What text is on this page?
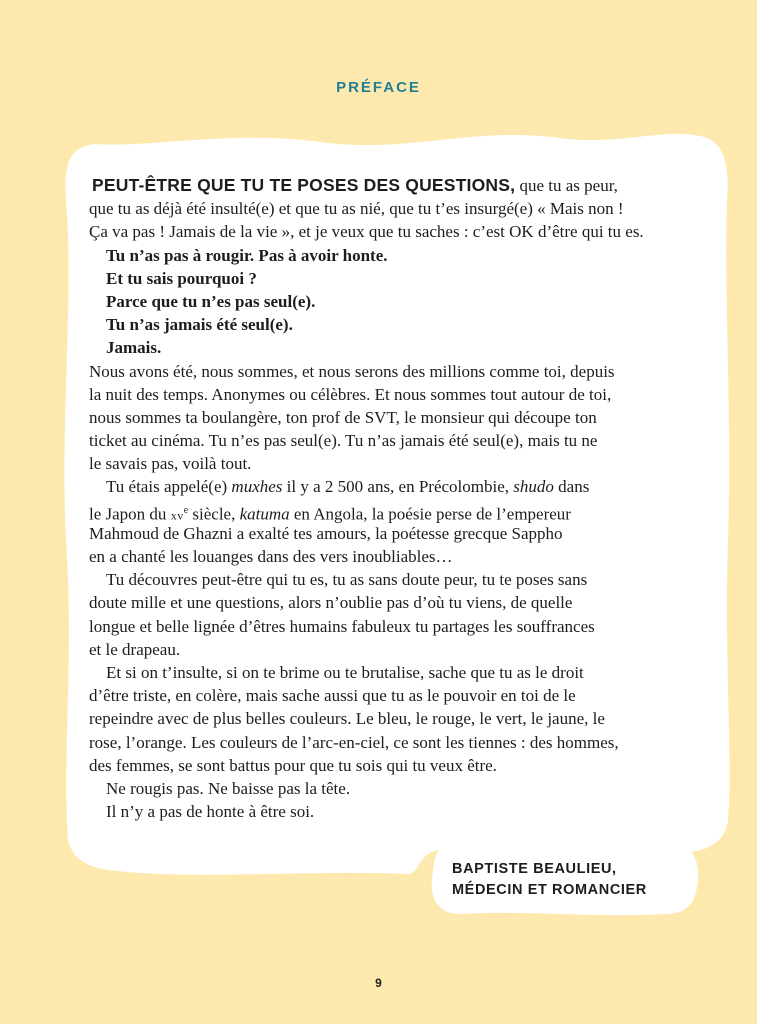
PRÉFACE
PEUT-ÊTRE QUE TU TE POSES DES QUESTIONS, que tu as peur,
que tu as déjà été insulté(e) et que tu as nié, que tu t’es insurgé(e) « Mais non !
Ça va pas ! Jamais de la vie », et je veux que tu saches : c’est OK d’être qui tu es.
Tu n’as pas à rougir. Pas à avoir honte.
Et tu sais pourquoi ?
Parce que tu n’es pas seul(e).
Tu n’as jamais été seul(e).
Jamais.
Nous avons été, nous sommes, et nous serons des millions comme toi, depuis
la nuit des temps. Anonymes ou célèbres. Et nous sommes tout autour de toi,
nous sommes ta boulangère, ton prof de SVT, le monsieur qui découpe ton
ticket au cinéma. Tu n’es pas seul(e). Tu n’as jamais été seul(e), mais tu ne
le savais pas, voilà tout.
Tu étais appelé(e) muxhes il y a 2 500 ans, en Précolombie, shudo dans
le Japon du $xv^e$ siècle, katuma en Angola, la poésie perse de l’empereur
Mahmoud de Ghazni a exalté tes amours, la poétesse grecque Sappho
en a chanté les louanges dans des vers inoubliables…
Tu découvres peut-être qui tu es, tu as sans doute peur, tu te poses sans
doute mille et une questions, alors n’oublie pas d’où tu viens, de quelle
longue et belle lignée d’êtres humains fabuleux tu partages les souffrances
et le drapeau.
Et si on t’insulte, si on te brime ou te brutalise, sache que tu as le droit
d’être triste, en colère, mais sache aussi que tu as le pouvoir en toi de le
repeindre avec de plus belles couleurs. Le bleu, le rouge, le vert, le jaune, le
rose, l’orange. Les couleurs de l’arc-en-ciel, ce sont les tiennes : des hommes,
des femmes, se sont battus pour que tu sois qui tu veux être.
Ne rougis pas. Ne baisse pas la tête.
Il n’y a pas de honte à être soi.
BAPTISTE BEAULIEU,
MÉDECIN ET ROMANCIER
9
